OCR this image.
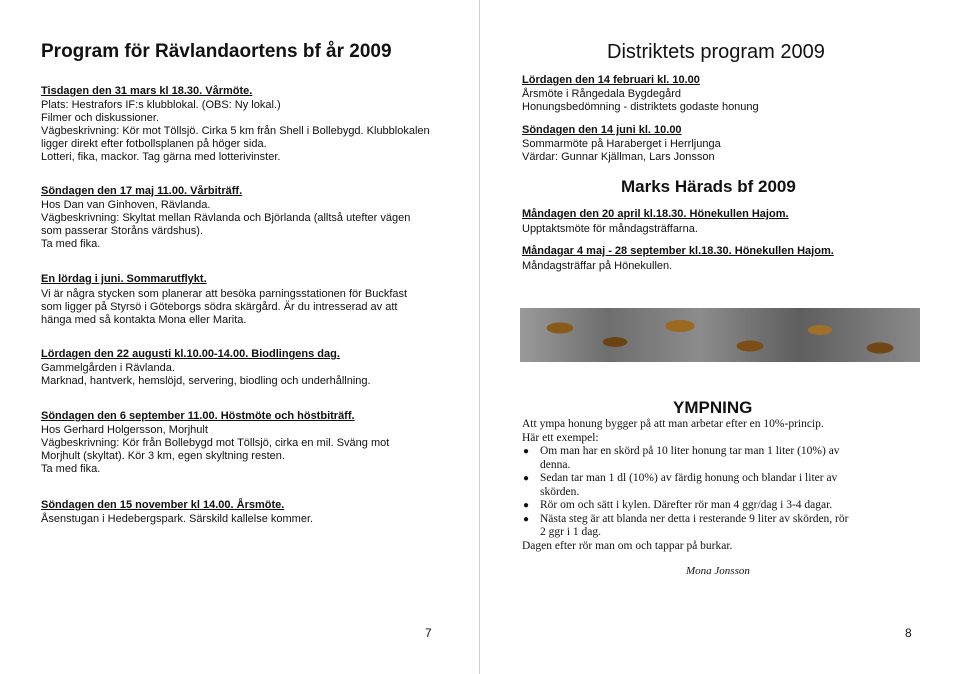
Program för Rävlandaortens bf år 2009
Tisdagen den 31 mars kl 18.30. Vårmöte.
Plats: Hestrafors IF:s klubblokal. (OBS: Ny lokal.)
Filmer och diskussioner.
Vägbeskrivning: Kör mot Töllsjö. Cirka 5 km från Shell i Bollebygd. Klubblokalen
ligger direkt efter fotbollsplanen på höger sida.
Lotteri, fika, mackor. Tag gärna med lotterivinster.
Söndagen den 17 maj 11.00. Vårbiträff.
Hos Dan van Ginhoven, Rävlanda.
Vägbeskrivning: Skyltat mellan Rävlanda och Björlanda (alltså utefter vägen
som passerar Storåns värdshus).
Ta med fika.
En lördag i juni. Sommarutflykt.
Vi är några stycken som planerar att besöka parningsstationen för Buckfast
som ligger på Styrsö i Göteborgs södra skärgård. Är du intresserad av att
hänga med så kontakta Mona eller Marita.
Lördagen den 22 augusti kl.10.00-14.00. Biodlingens dag.
Gammelgården i Rävlanda.
Marknad, hantverk, hemslöjd, servering, biodling och underhållning.
Söndagen den 6 september 11.00. Höstmöte och höstbiträff.
Hos Gerhard Holgersson, Morjhult
Vägbeskrivning: Kör från Bollebygd mot Töllsjö, cirka en mil. Sväng mot
Morjhult (skyltat). Kör 3 km, egen skyltning resten.
Ta med fika.
Söndagen den 15 november kl 14.00. Årsmöte.
Åsenstugan i Hedebergspark. Särskild kallelse kommer.
7
Distriktets program 2009
Lördagen den 14 februari kl. 10.00
Årsmöte i Rångedala Bygdegård
Honungsbedömning - distriktets godaste honung
Söndagen den 14 juni kl. 10.00
Sommarmöte på Haraberget i Herrljunga
Värdar: Gunnar Kjällman, Lars Jonsson
Marks Härads bf 2009
Måndagen den 20 april kl.18.30. Hönekullen Hajom.
Upptaktsmöte för måndagsträffarna.
Måndagar 4 maj - 28 september kl.18.30. Hönekullen Hajom.
Måndagsträffar på Hönekullen.
YMPNING
Att ympa honung bygger på att man arbetar efter en 10%-princip.
Här ett exempel:
● Om man har en skörd på 10 liter honung tar man 1 liter (10%) av
denna.
● Sedan tar man 1 dl (10%) av färdig honung och blandar i liter av
skörden.
● Rör om och sätt i kylen. Därefter rör man 4 ggr/dag i 3-4 dagar.
● Nästa steg är att blanda ner detta i resterande 9 liter av skörden, rör
2 ggr i 1 dag.
Dagen efter rör man om och tappar på burkar.
Mona Jonsson
8
